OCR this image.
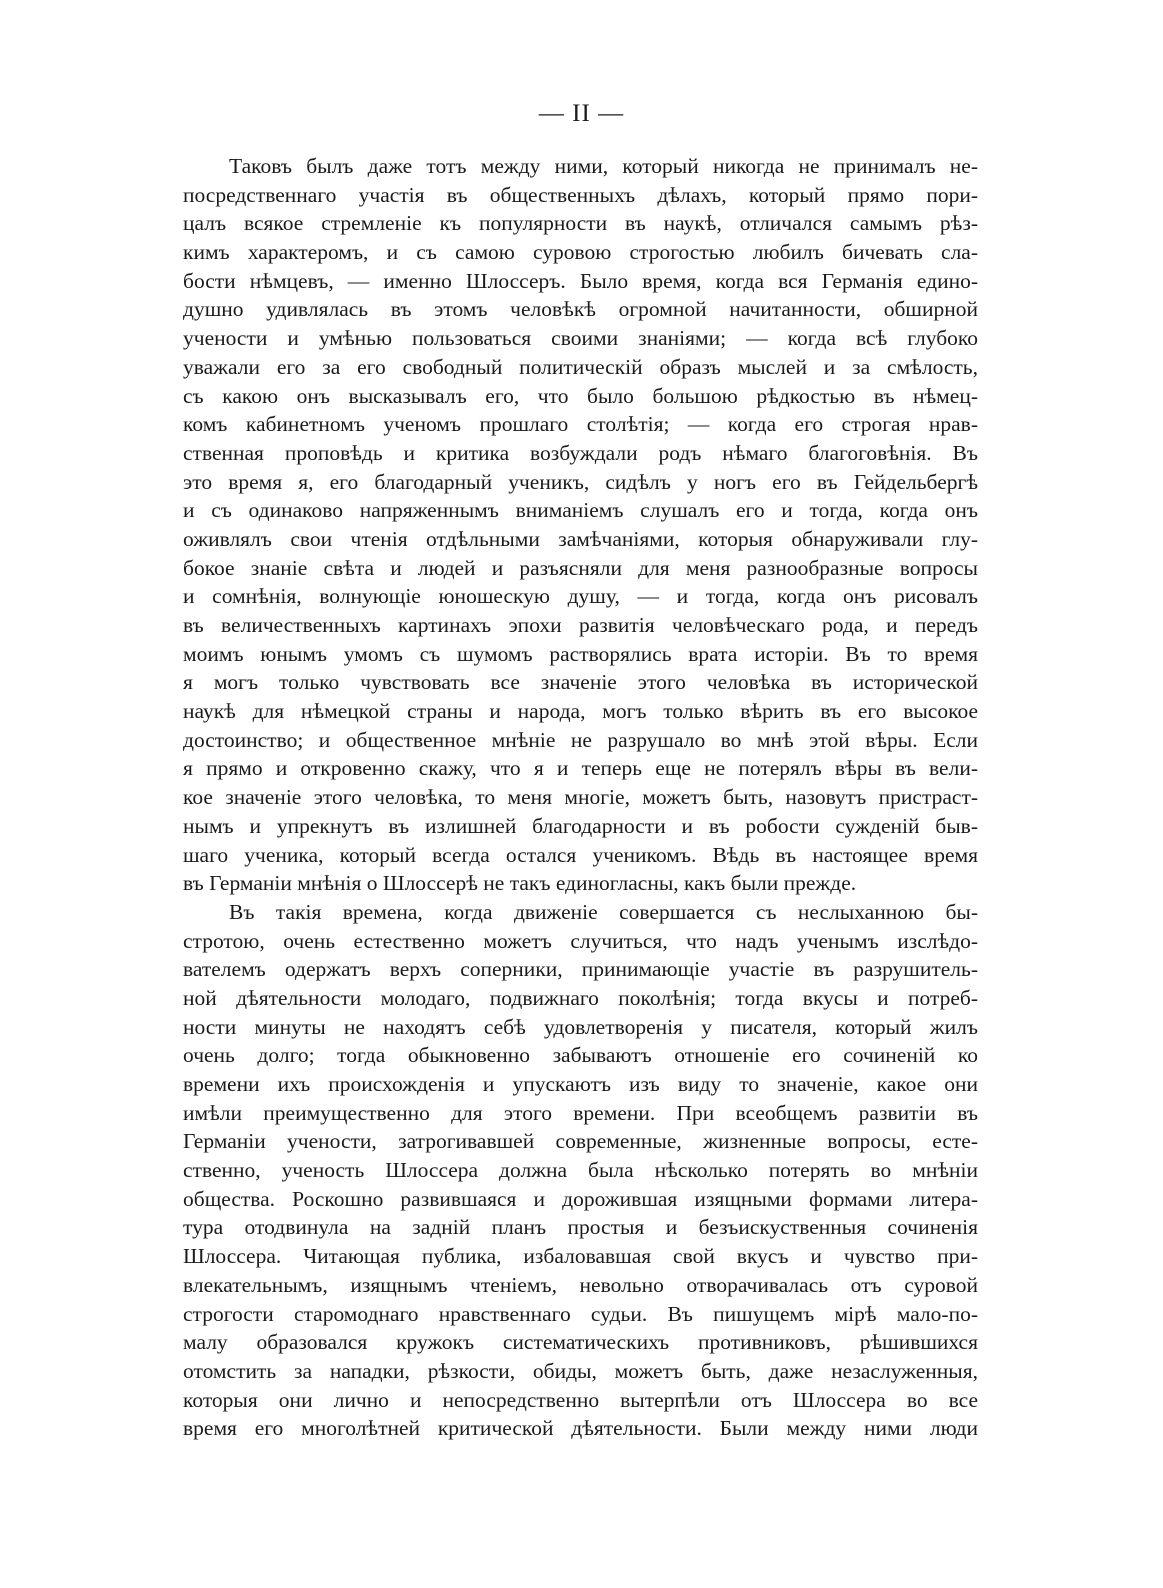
— II —
Таковъ былъ даже тотъ между ними, который никогда не принималъ не-
посредственнаго участія въ общественныхъ дѣлахъ, который прямо пори-
цалъ всякое стремленіе къ популярности въ наукѣ, отличался самымъ рѣз-
кимъ характеромъ, и съ самою суровою строгостью любилъ бичевать сла-
бости нѣмцевъ, — именно Шлоссеръ. Было время, когда вся Германія едино-
душно удивлялась въ этомъ человѣкѣ огромной начитанности, обширной
учености и умѣнью пользоваться своими знаніями; — когда всѣ глубоко
уважали его за его свободный политическій образъ мыслей и за смѣлость,
съ какою онъ высказывалъ его, что было большою рѣдкостью въ нѣмец-
комъ кабинетномъ ученомъ прошлаго столѣтія; — когда его строгая нрав-
ственная проповѣдь и критика возбуждали родъ нѣмаго благоговѣнія. Въ
это время я, его благодарный ученикъ, сидѣлъ у ногъ его въ Гейдельбергѣ
и съ одинаково напряженнымъ вниманіемъ слушалъ его и тогда, когда онъ
оживлялъ свои чтенія отдѣльными замѣчаніями, которыя обнаруживали глу-
бокое знаніе свѣта и людей и разъясняли для меня разнообразные вопросы
и сомнѣнія, волнующіе юношескую душу, — и тогда, когда онъ рисовалъ
въ величественныхъ картинахъ эпохи развитія человѣческаго рода, и передъ
моимъ юнымъ умомъ съ шумомъ растворялись врата исторіи. Въ то время
я могъ только чувствовать все значеніе этого человѣка въ исторической
наукѣ для нѣмецкой страны и народа, могъ только вѣрить въ его высокое
достоинство; и общественное мнѣніе не разрушало во мнѣ этой вѣры. Если
я прямо и откровенно скажу, что я и теперь еще не потерялъ вѣры въ вели-
кое значеніе этого человѣка, то меня многіе, можетъ быть, назовутъ пристраст-
нымъ и упрекнутъ въ излишней благодарности и въ робости сужденій быв-
шаго ученика, который всегда остался ученикомъ. Вѣдь въ настоящее время
въ Германіи мнѣнія о Шлоссерѣ не такъ единогласны, какъ были прежде.
Въ такія времена, когда движеніе совершается съ неслыханною бы-
стротою, очень естественно можетъ случиться, что надъ ученымъ изслѣдо-
вателемъ одержатъ верхъ соперники, принимающіе участіе въ разрушитель-
ной дѣятельности молодаго, подвижнаго поколѣнія; тогда вкусы и потреб-
ности минуты не находятъ себѣ удовлетворенія у писателя, который жилъ
очень долго; тогда обыкновенно забываютъ отношеніе его сочиненій ко
времени ихъ происхожденія и упускаютъ изъ виду то значеніе, какое они
имѣли преимущественно для этого времени. При всеобщемъ развитіи въ
Германіи учености, затрогивавшей современные, жизненные вопросы, есте-
ственно, ученость Шлоссера должна была нѣсколько потерять во мнѣніи
общества. Роскошно развившаяся и дорожившая изящными формами литера-
тура отодвинула на задній планъ простыя и безъискуственныя сочиненія
Шлоссера. Читающая публика, избаловавшая свой вкусъ и чувство при-
влекательнымъ, изящнымъ чтеніемъ, невольно отворачивалась отъ суровой
строгости старомоднаго нравственнаго судьи. Въ пишущемъ мірѣ мало-по-
малу образовался кружокъ систематическихъ противниковъ, рѣшившихся
отомстить за нападки, рѣзкости, обиды, можетъ быть, даже незаслуженныя,
которыя они лично и непосредственно вытерпѣли отъ Шлоссера во все
время его многолѣтней критической дѣятельности. Были между ними люди
